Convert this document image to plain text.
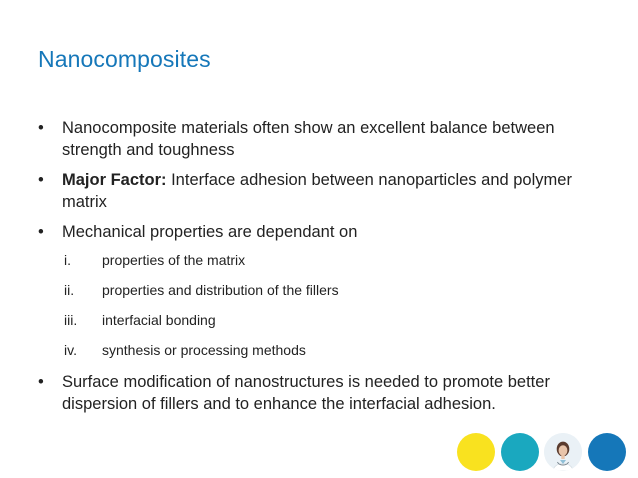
Nanocomposites
• Nanocomposite materials often show an excellent balance between strength and toughness
• Major Factor: Interface adhesion between nanoparticles and polymer matrix
• Mechanical properties are dependant on
i. properties of the matrix
ii. properties and distribution of the fillers
iii. interfacial bonding
iv. synthesis or processing methods
• Surface modification of nanostructures is needed to promote better dispersion of fillers and to enhance the interfacial adhesion.
